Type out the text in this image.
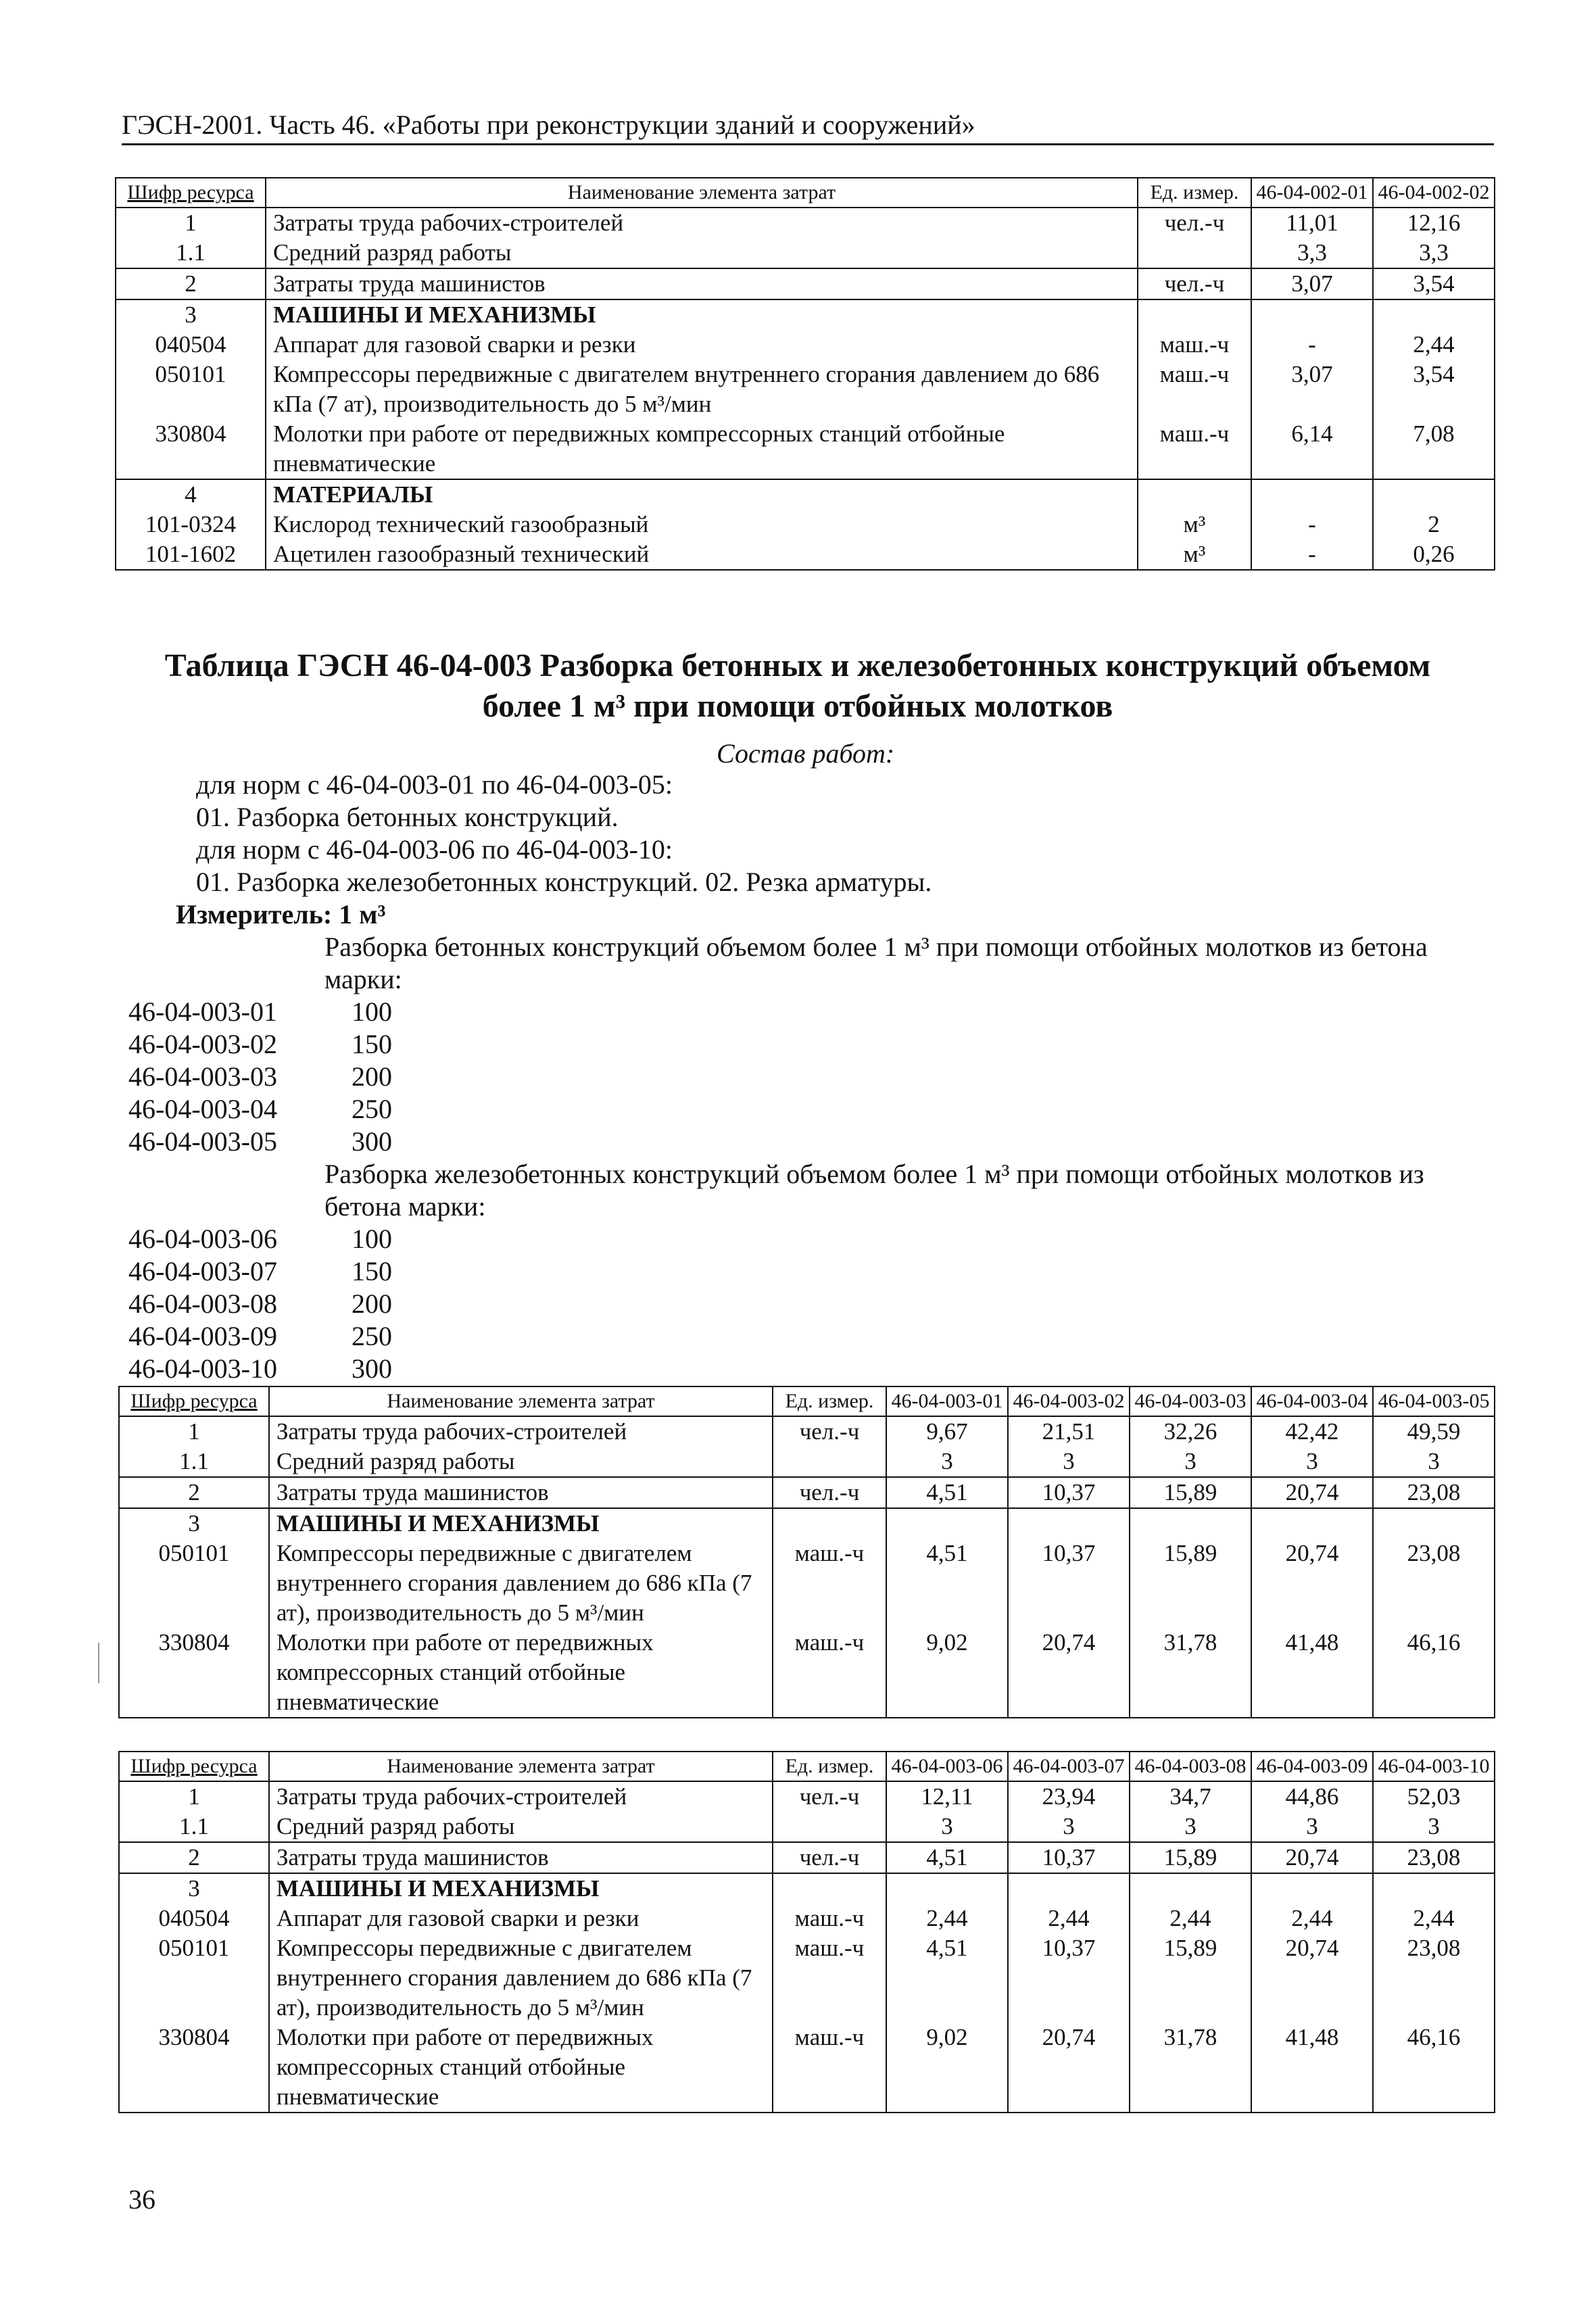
ГЭСН-2001. Часть 46. «Работы при реконструкции зданий и сооружений»
Шифр ресурса	Наименование элемента затрат	Ед. измер.	46-04-002-01	46-04-002-02
1	Затраты труда рабочих-строителей	чел.-ч	11,01	12,16
1.1	Средний разряд работы		3,3	3,3
2	Затраты труда машинистов	чел.-ч	3,07	3,54
3	МАШИНЫ И МЕХАНИЗМЫ			
040504	Аппарат для газовой сварки и резки	маш.-ч	-	2,44
050101	Компрессоры передвижные с двигателем внутреннего сгорания давлением до 686 кПа (7 ат), производительность до 5 м³/мин	маш.-ч	3,07	3,54
330804	Молотки при работе от передвижных компрессорных станций отбойные пневматические	маш.-ч	6,14	7,08
4	МАТЕРИАЛЫ			
101-0324	Кислород технический газообразный	м³	-	2
101-1602	Ацетилен газообразный технический	м³	-	0,26
Таблица ГЭСН 46-04-003 Разборка бетонных и железобетонных конструкций объемом
более 1 м³ при помощи отбойных молотков
Состав работ:
для норм с 46-04-003-01 по 46-04-003-05:
01. Разборка бетонных конструкций.
для норм с 46-04-003-06 по 46-04-003-10:
01. Разборка железобетонных конструкций. 02. Резка арматуры.
Измеритель: 1 м³
Разборка бетонных конструкций объемом более 1 м³ при помощи отбойных молотков из бетона марки:
46-04-003-01	100
46-04-003-02	150
46-04-003-03	200
46-04-003-04	250
46-04-003-05	300
Разборка железобетонных конструкций объемом более 1 м³ при помощи отбойных молотков из бетона марки:
46-04-003-06	100
46-04-003-07	150
46-04-003-08	200
46-04-003-09	250
46-04-003-10	300
Шифр ресурса	Наименование элемента затрат	Ед. измер.	46-04-003-01	46-04-003-02	46-04-003-03	46-04-003-04	46-04-003-05
1	Затраты труда рабочих-строителей	чел.-ч	9,67	21,51	32,26	42,42	49,59
1.1	Средний разряд работы		3	3	3	3	3
2	Затраты труда машинистов	чел.-ч	4,51	10,37	15,89	20,74	23,08
3	МАШИНЫ И МЕХАНИЗМЫ						
050101	Компрессоры передвижные с двигателем внутреннего сгорания давлением до 686 кПа (7 ат), производительность до 5 м³/мин	маш.-ч	4,51	10,37	15,89	20,74	23,08
330804	Молотки при работе от передвижных компрессорных станций отбойные пневматические	маш.-ч	9,02	20,74	31,78	41,48	46,16
Шифр ресурса	Наименование элемента затрат	Ед. измер.	46-04-003-06	46-04-003-07	46-04-003-08	46-04-003-09	46-04-003-10
1	Затраты труда рабочих-строителей	чел.-ч	12,11	23,94	34,7	44,86	52,03
1.1	Средний разряд работы		3	3	3	3	3
2	Затраты труда машинистов	чел.-ч	4,51	10,37	15,89	20,74	23,08
3	МАШИНЫ И МЕХАНИЗМЫ						
040504	Аппарат для газовой сварки и резки	маш.-ч	2,44	2,44	2,44	2,44	2,44
050101	Компрессоры передвижные с двигателем внутреннего сгорания давлением до 686 кПа (7 ат), производительность до 5 м³/мин	маш.-ч	4,51	10,37	15,89	20,74	23,08
330804	Молотки при работе от передвижных компрессорных станций отбойные пневматические	маш.-ч	9,02	20,74	31,78	41,48	46,16
36
